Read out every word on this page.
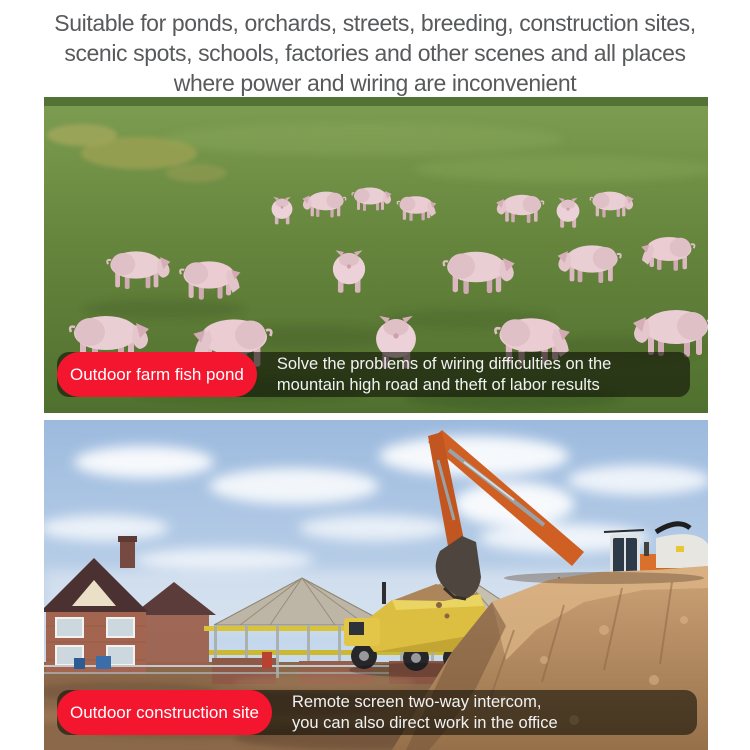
Suitable for ponds, orchards, streets, breeding, construction sites,
scenic spots, schools, factories and other scenes and all places
where power and wiring are inconvenient
Outdoor farm fish pond
Solve the problems of wiring difficulties on the
mountain high road and theft of labor results
Outdoor construction site
Remote screen two-way intercom,
you can also direct work in the office
